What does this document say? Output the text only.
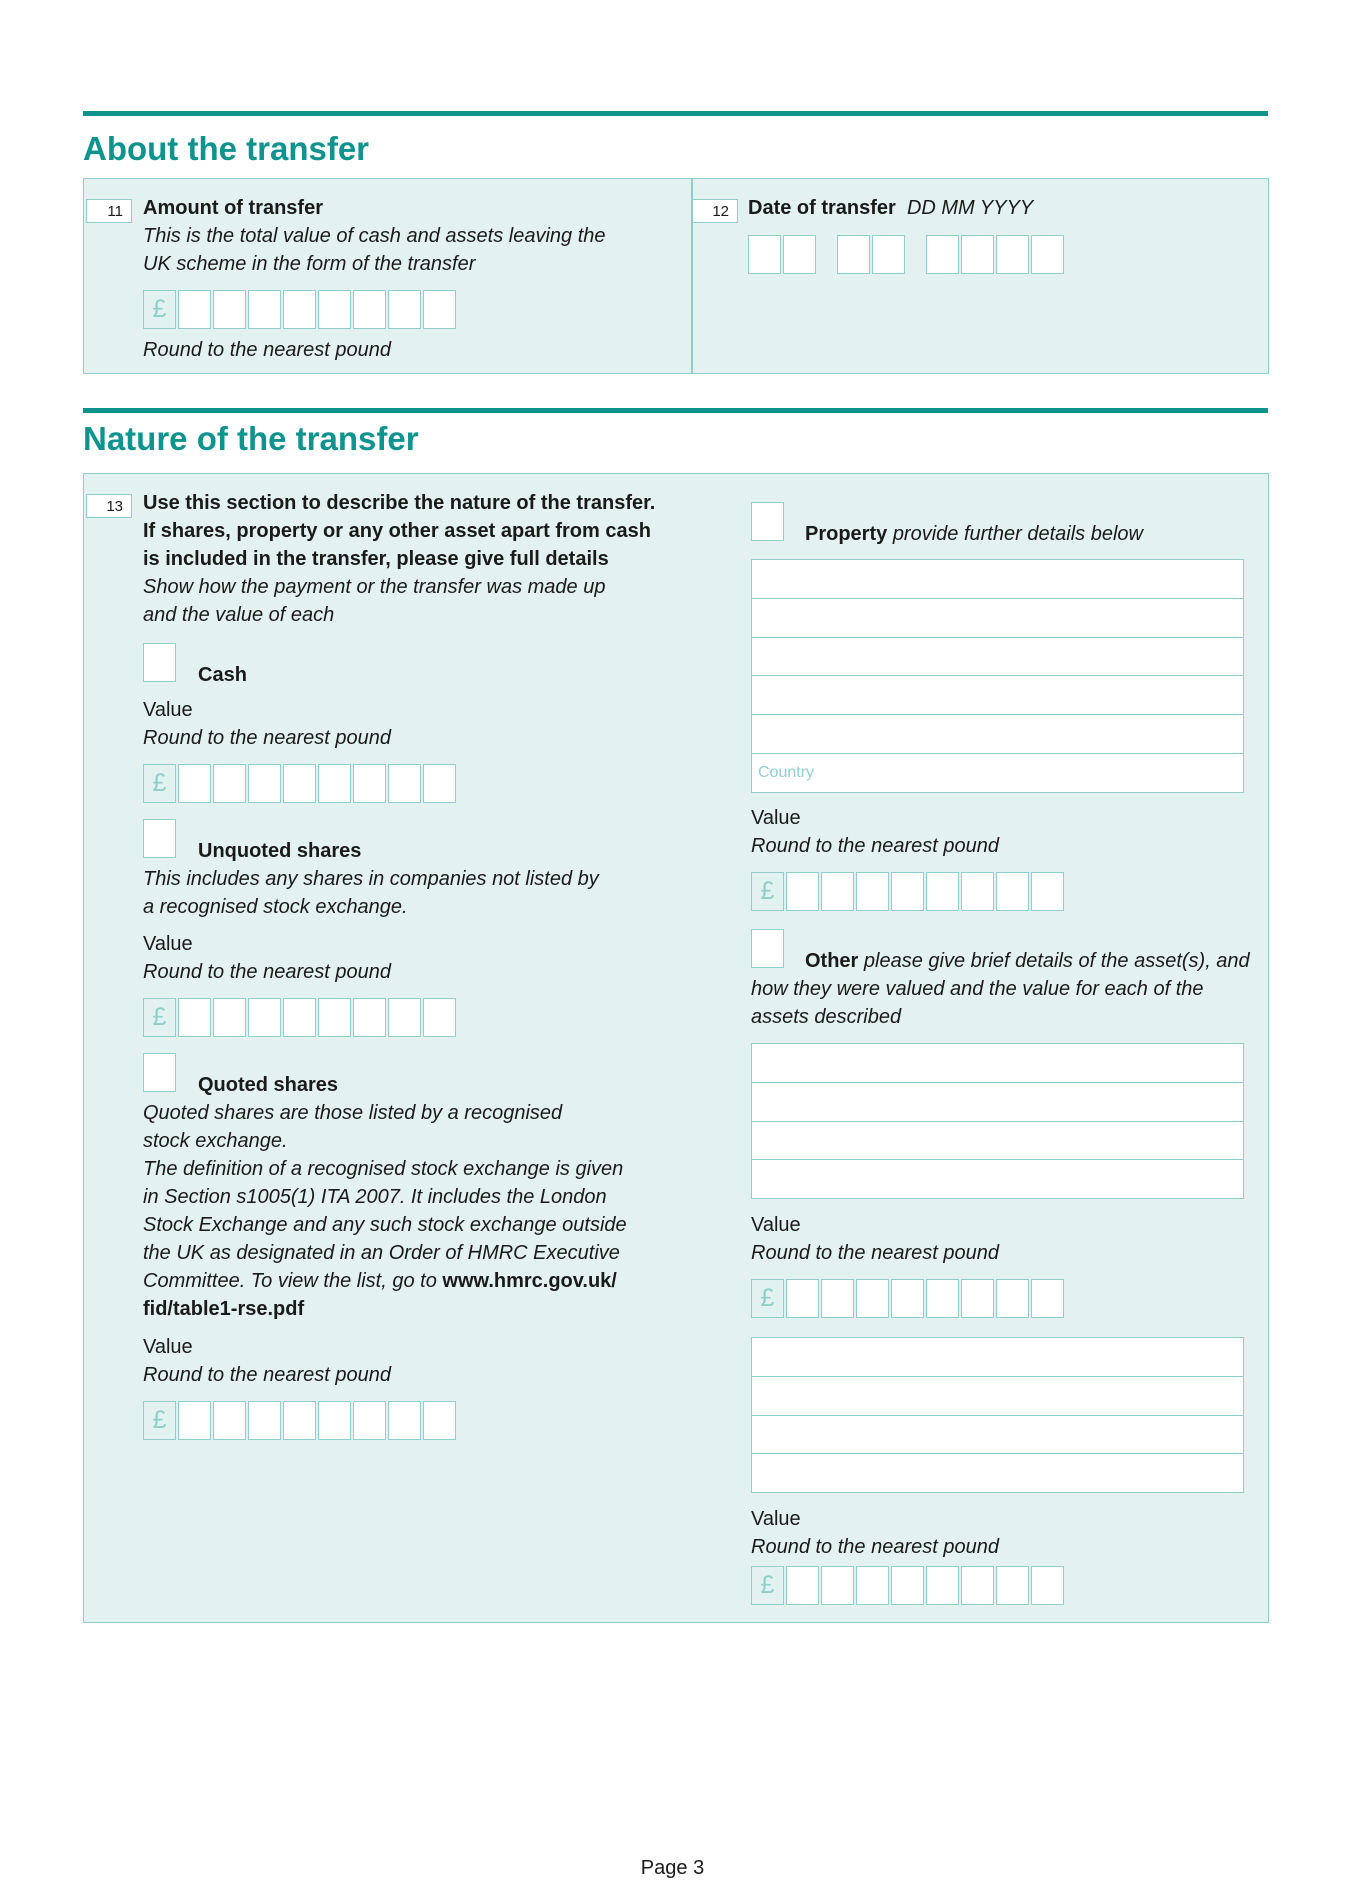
About the transfer
11	Amount of transfer
This is the total value of cash and assets leaving the
UK scheme in the form of the transfer
£
Round to the nearest pound
12 Date of transfer DD MM YYYY
Nature of the transfer
13	Use this section to describe the nature of the transfer.
If shares, property or any other asset apart from cash
is included in the transfer, please give full details
Show how the payment or the transfer was made up
and the value of each
Cash
Value
Round to the nearest pound
£
Unquoted shares
This includes any shares in companies not listed by
a recognised stock exchange.
Value
Round to the nearest pound
£
Quoted shares
Quoted shares are those listed by a recognised
stock exchange.
The definition of a recognised stock exchange is given
in Section s1005(1) ITA 2007. It includes the London
Stock Exchange and any such stock exchange outside
the UK as designated in an Order of HMRC Executive
Committee. To view the list, go to www.hmrc.gov.uk/
fid/table1-rse.pdf
Value
Round to the nearest pound
£
Property provide further details below
Country
Value
Round to the nearest pound
£
Other please give brief details of the asset(s), and
how they were valued and the value for each of the
assets described
Value
Round to the nearest pound
£
Value
Round to the nearest pound
£
Page 3
